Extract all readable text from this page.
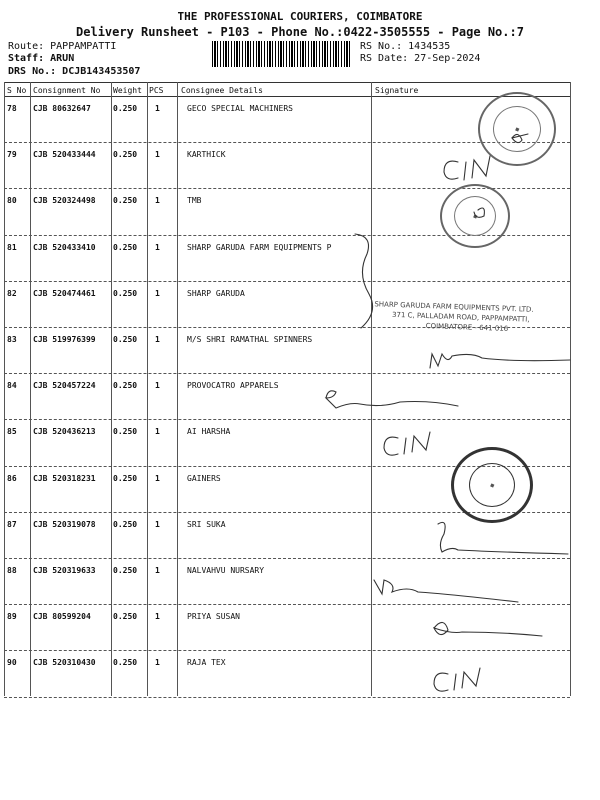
THE PROFESSIONAL COURIERS, COIMBATORE
Delivery Runsheet - P103 - Phone No.:0422-3505555 - Page No.:7
Route: PAPPAMPATTI
Staff: ARUN
DRS No.: DCJB143453507
RS No.: 1434535
RS Date: 27-Sep-2024
S No Consignment No Weight PCS Consignee Details	Signature
78 CJB 80632647	0.250 1	GECO SPECIAL MACHINERS
79 CJB 520433444 0.250 1	KARTHICK
80 CJB 520324498 0.250 1	TMB
81 CJB 520433410 0.250 1	SHARP GARUDA FARM EQUIPMENTS P
82 CJB 520474461 0.250 1	SHARP GARUDA
83 CJB 519976399 0.250 1	M/S SHRI RAMATHAL SPINNERS
84 CJB 520457224 0.250 1	PROVOCATRO APPARELS
85 CJB 520436213 0.250 1	AI HARSHA
86 CJB 520318231 0.250 1	GAINERS
87 CJB 520319078 0.250 1	SRI SUKA
88 CJB 520319633 0.250 1	NALVAHVU NURSARY
89 CJB 80599204	0.250 1	PRIYA SUSAN
90 CJB 520310430 0.250 1	RAJA TEX
◆
◆
◆
SHARP GARUDA FARM EQUIPMENTS PVT. LTD.
371 C, PALLADAM ROAD, PAPPAMPATTI,
COIMBATORE - 641 016
